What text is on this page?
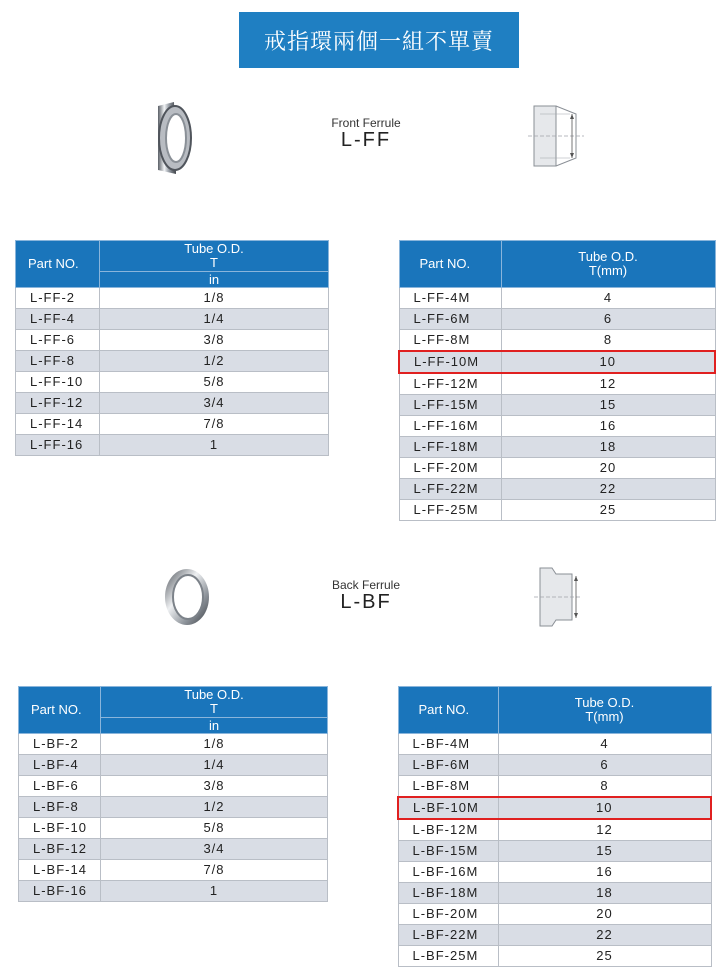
戒指環兩個一組不單賣
Front Ferrule
L-FF
Part NO.	Tube O.D.
T
	in
L-FF-2	1/8
L-FF-4	1/4
L-FF-6	3/8
L-FF-8	1/2
L-FF-10	5/8
L-FF-12	3/4
L-FF-14	7/8
L-FF-16	1
Part NO.	Tube O.D.
T(mm)
L-FF-4M	4
L-FF-6M	6
L-FF-8M	8
L-FF-10M	10
L-FF-12M	12
L-FF-15M	15
L-FF-16M	16
L-FF-18M	18
L-FF-20M	20
L-FF-22M	22
L-FF-25M	25
Back Ferrule
L-BF
Part NO.	Tube O.D.
T
	in
L-BF-2	1/8
L-BF-4	1/4
L-BF-6	3/8
L-BF-8	1/2
L-BF-10	5/8
L-BF-12	3/4
L-BF-14	7/8
L-BF-16	1
Part NO.	Tube O.D.
T(mm)
L-BF-4M	4
L-BF-6M	6
L-BF-8M	8
L-BF-10M	10
L-BF-12M	12
L-BF-15M	15
L-BF-16M	16
L-BF-18M	18
L-BF-20M	20
L-BF-22M	22
L-BF-25M	25
